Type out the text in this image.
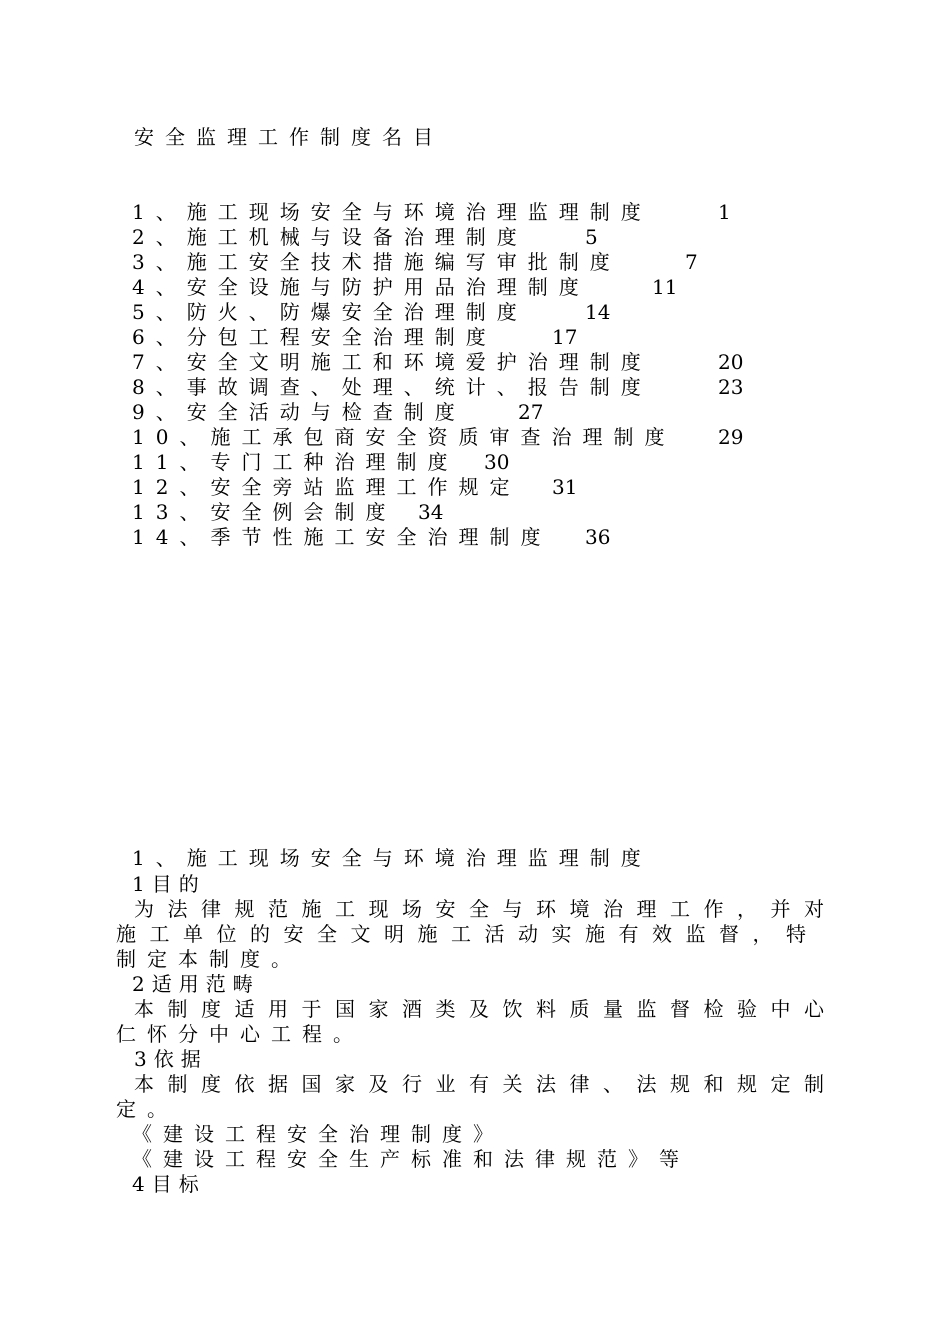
安全监理工作制度名目
1、施工现场安全与环境治理监理制度	1
2、施工机械与设备治理制度	5
3、施工安全技术措施编写审批制度	7
4、安全设施与防护用品治理制度	11
5、防火、防爆安全治理制度	14
6、分包工程安全治理制度	17
7、安全文明施工和环境爱护治理制度	20
8、事故调查、处理、统计、报告制度	23
9、安全活动与检查制度	27
10、施工承包商安全资质审查治理制度 29
11、专门工种治理制度 30
12、安全旁站监理工作规定 31
13、安全例会制度 34
14、季节性施工安全治理制度 36
1、施工现场安全与环境治理监理制度
1目的
为法律规范施工现场安全与环境治理工作，并对
施工单位的安全文明施工活动实施有效监督，特
制定本制度。
2适用范畴
本制度适用于国家酒类及饮料质量监督检验中心
仁怀分中心工程。
3依据
本制度依据国家及行业有关法律、法规和规定制
定。
《建设工程安全治理制度》
《建设工程安全生产标准和法律规范》等
4目标
